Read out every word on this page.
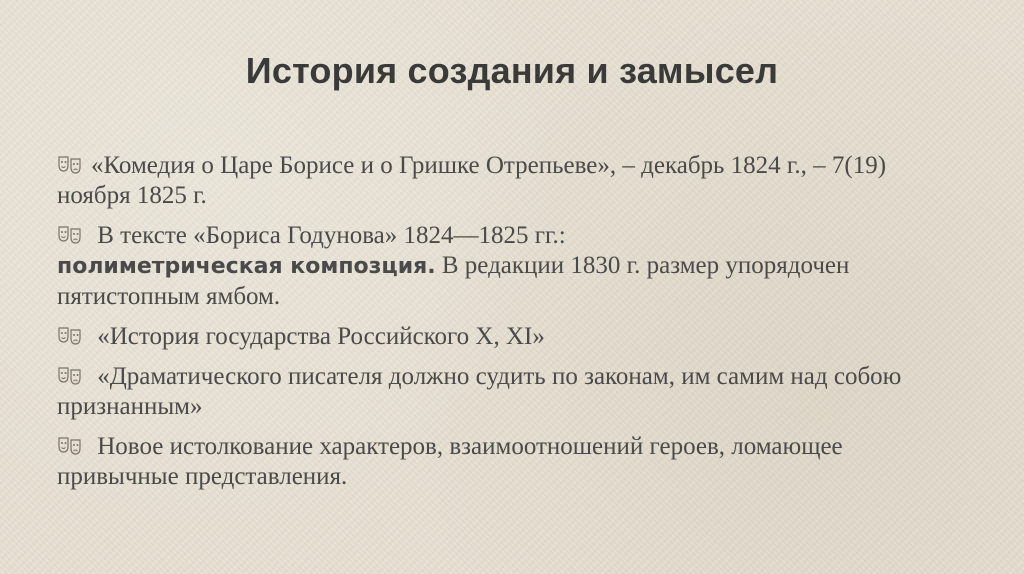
История создания и замысел
«Комедия о Царе Борисе и о Гришке Отрепьеве», – декабрь 1824 г., – 7(19) ноября 1825 г.
В тексте «Бориса Годунова» 1824—1825 гг.:
полиметрическая композция. В редакции 1830 г. размер упорядочен пятистопным ямбом.
«История государства Российского X, XI»
«Драматического писателя должно судить по законам, им самим над собою признанным»
Новое истолкование характеров, взаимоотношений героев, ломающее привычные представления.
